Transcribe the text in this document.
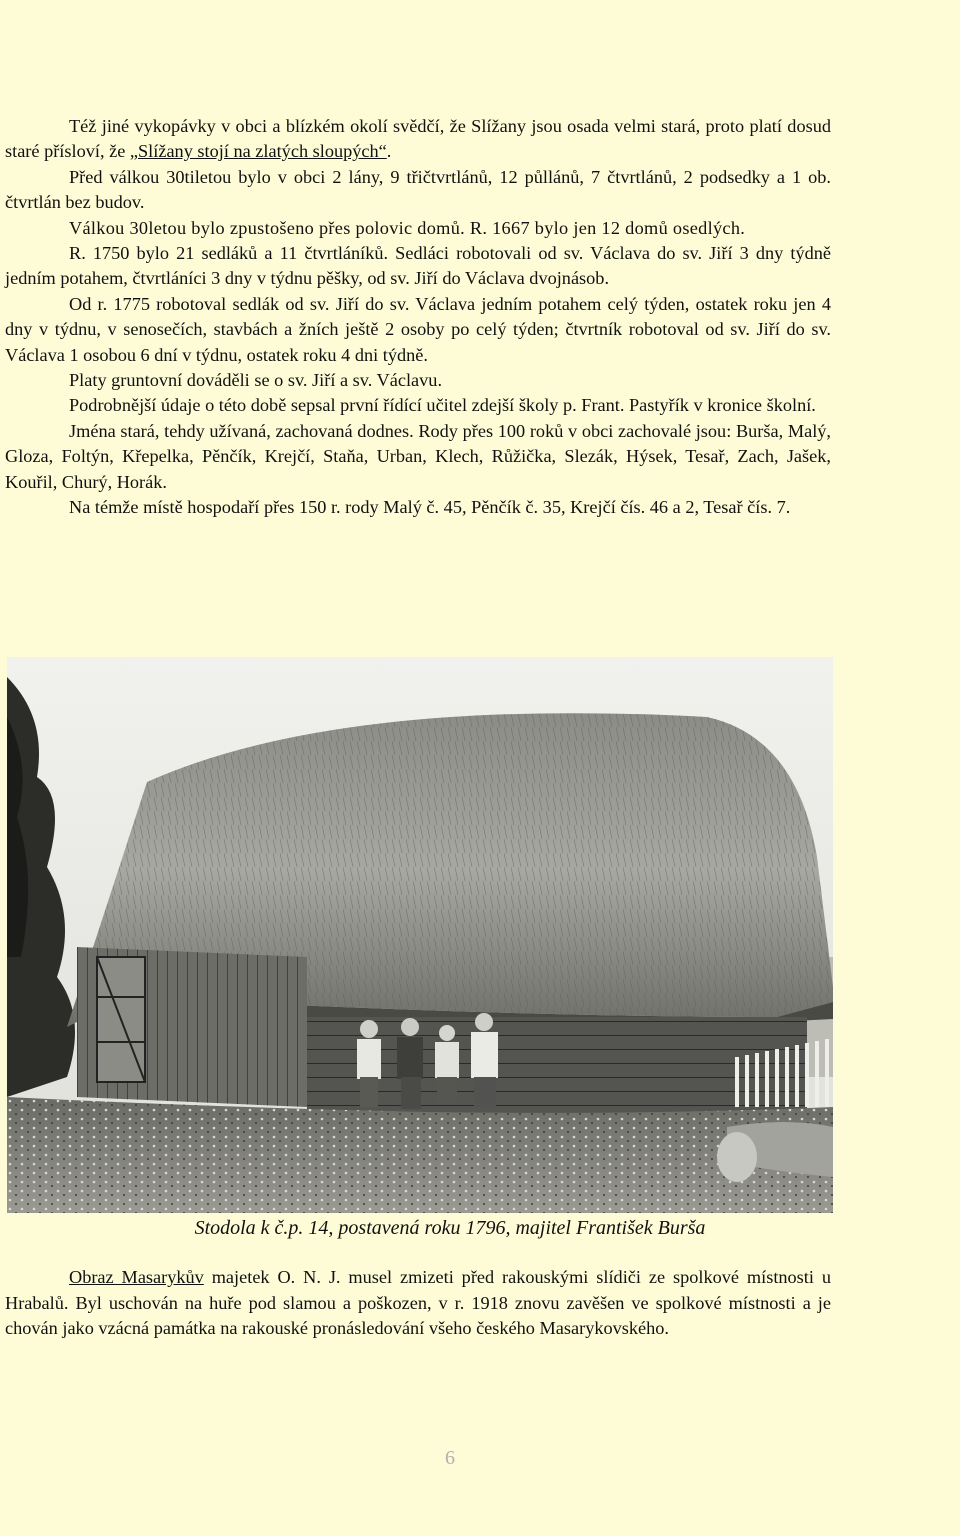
Též jiné vykopávky v obci a blízkém okolí svědčí, že Slížany jsou osada velmi stará, proto platí dosud staré přísloví, že „Slížany stojí na zlatých sloupých“.

Před válkou 30tiletou bylo v obci 2 lány, 9 třičtvrtlánů, 12 půllánů, 7 čtvrtlánů, 2 podsedky a 1 ob. čtvrtlán bez budov.

Válkou 30letou bylo zpustošeno přes polovic domů. R. 1667 bylo jen 12 domů osedlých.

R. 1750 bylo 21 sedláků a 11 čtvrtláníků. Sedláci robotovali od sv. Václava do sv. Jiří 3 dny týdně jedním potahem, čtvrtláníci 3 dny v týdnu pěšky, od sv. Jiří do Václava dvojnásob.

Od r. 1775 robotoval sedlák od sv. Jiří do sv. Václava jedním potahem celý týden, ostatek roku jen 4 dny v týdnu, v senosečích, stavbách a žních ještě 2 osoby po celý týden; čtvrtník robotoval od sv. Jiří do sv. Václava 1 osobou 6 dní v týdnu, ostatek roku 4 dni týdně.

Platy gruntovní dováděli se o sv. Jiří a sv. Václavu.

Podrobnější údaje o této době sepsal první řídící učitel zdejší školy p. Frant. Pastyřík v kronice školní.

Jména stará, tehdy užívaná, zachovaná dodnes. Rody přes 100 roků v obci zachovalé jsou: Burša, Malý, Gloza, Foltýn, Křepelka, Pěnčík, Krejčí, Staňa, Urban, Klech, Růžička, Slezák, Hýsek, Tesař, Zach, Jašek, Kouřil, Churý, Horák.

Na témže místě hospodaří přes 150 r. rody Malý č. 45, Pěnčík č. 35, Krejčí čís. 46 a 2, Tesař čís. 7.

Stodola k č.p. 14, postavená roku 1796, majitel František Burša

Obraz Masarykův majetek O. N. J. musel zmizeti před rakouskými slídiči ze spolkové místnosti u Hrabalů. Byl uschován na huře pod slamou a poškozen, v r. 1918 znovu zavěšen ve spolkové místnosti a je chován jako vzácná památka na rakouské pronásledování všeho českého Masarykovského.

6
